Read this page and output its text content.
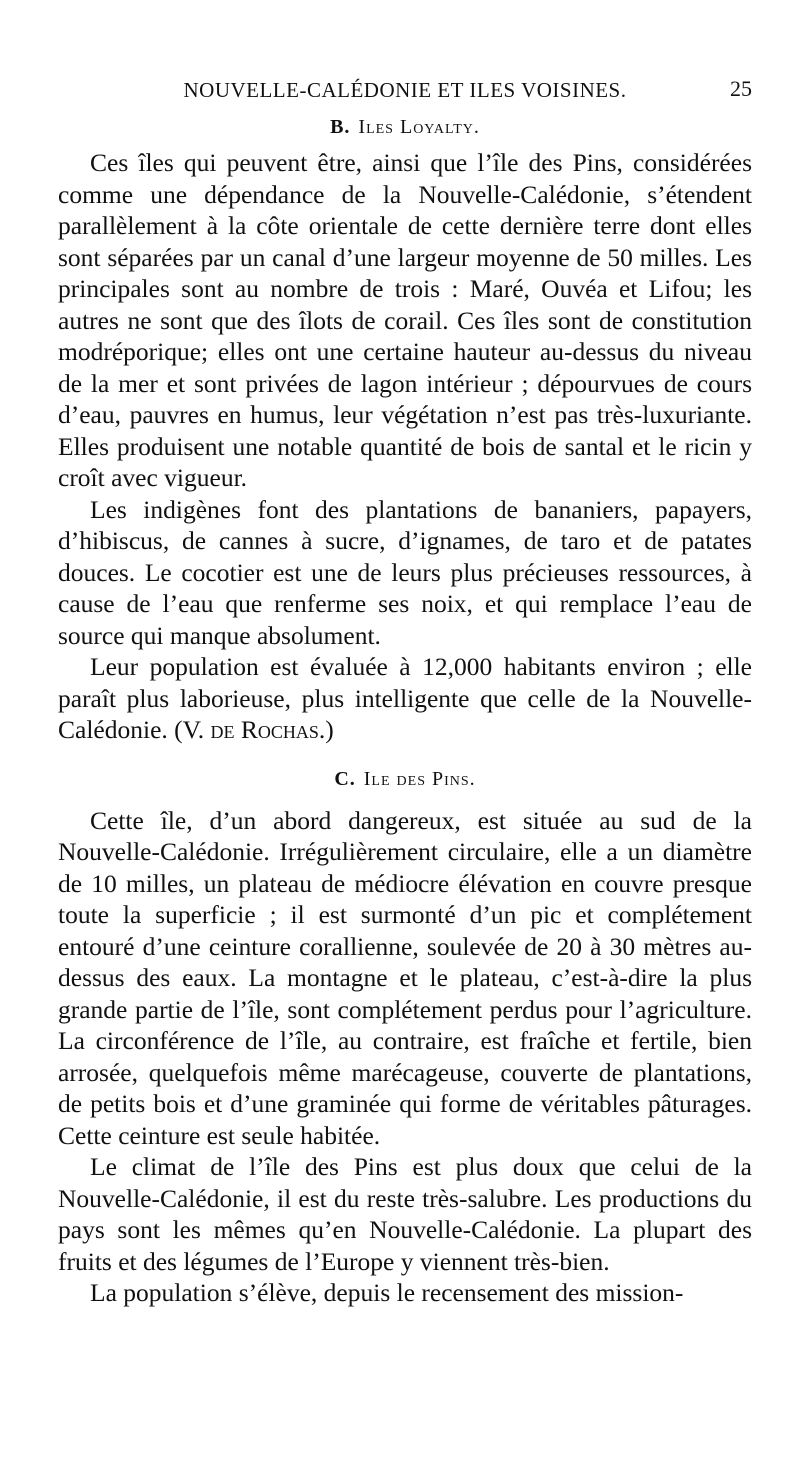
NOUVELLE-CALÉDONIE ET ILES VOISINES.	25
B. Iles Loyalty.

Ces îles qui peuvent être, ainsi que l’île des Pins, considérées comme une dépendance de la Nouvelle-Calédonie, s’étendent parallèlement à la côte orientale de cette dernière terre dont elles sont séparées par un canal d’une largeur moyenne de 50 milles. Les principales sont au nombre de trois : Maré, Ouvéa et Lifou; les autres ne sont que des îlots de corail. Ces îles sont de constitution modréporique; elles ont une certaine hauteur au-dessus du niveau de la mer et sont privées de lagon intérieur ; dépourvues de cours d’eau, pauvres en humus, leur végétation n’est pas très-luxuriante. Elles produisent une notable quantité de bois de santal et le ricin y croît avec vigueur.

Les indigènes font des plantations de bananiers, papayers, d’hibiscus, de cannes à sucre, d’ignames, de taro et de patates douces. Le cocotier est une de leurs plus précieuses ressources, à cause de l’eau que renferme ses noix, et qui remplace l’eau de source qui manque absolument.

Leur population est évaluée à 12,000 habitants environ ; elle paraît plus laborieuse, plus intelligente que celle de la Nouvelle-Calédonie. (V. de Rochas.)

C. Ile des Pins.

Cette île, d’un abord dangereux, est située au sud de la Nouvelle-Calédonie. Irrégulièrement circulaire, elle a un diamètre de 10 milles, un plateau de médiocre élévation en couvre presque toute la superficie ; il est surmonté d’un pic et complétement entouré d’une ceinture corallienne, soulevée de 20 à 30 mètres au-dessus des eaux. La montagne et le plateau, c’est-à-dire la plus grande partie de l’île, sont complétement perdus pour l’agriculture. La circonférence de l’île, au contraire, est fraîche et fertile, bien arrosée, quelquefois même marécageuse, couverte de plantations, de petits bois et d’une graminée qui forme de véritables pâturages. Cette ceinture est seule habitée.

Le climat de l’île des Pins est plus doux que celui de la Nouvelle-Calédonie, il est du reste très-salubre. Les productions du pays sont les mêmes qu’en Nouvelle-Calédonie. La plupart des fruits et des légumes de l’Europe y viennent très-bien.

La population s’élève, depuis le recensement des mission-
